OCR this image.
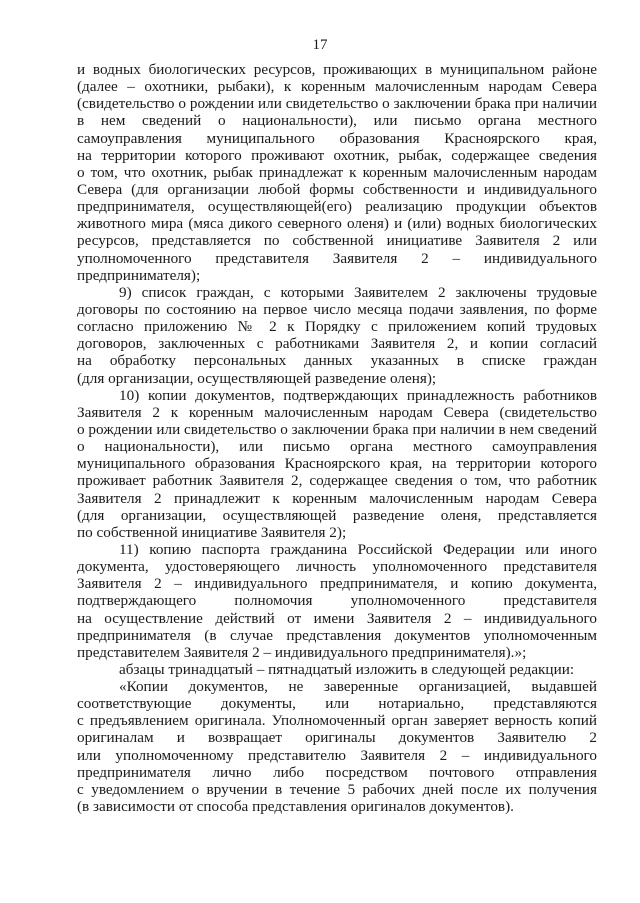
17
и водных биологических ресурсов, проживающих в муниципальном районе
(далее – охотники, рыбаки), к коренным малочисленным народам Севера
(свидетельство о рождении или свидетельство о заключении брака при наличии
в нем сведений о национальности), или письмо органа местного
самоуправления муниципального образования Красноярского края,
на территории которого проживают охотник, рыбак, содержащее сведения
о том, что охотник, рыбак принадлежат к коренным малочисленным народам
Севера (для организации любой формы собственности и индивидуального
предпринимателя, осуществляющей(его) реализацию продукции объектов
животного мира (мяса дикого северного оленя) и (или) водных биологических
ресурсов, представляется по собственной инициативе Заявителя 2 или
уполномоченного представителя Заявителя 2 – индивидуального
предпринимателя);
9) список граждан, с которыми Заявителем 2 заключены трудовые
договоры по состоянию на первое число месяца подачи заявления, по форме
согласно приложению № 2 к Порядку с приложением копий трудовых
договоров, заключенных с работниками Заявителя 2, и копии согласий
на обработку персональных данных указанных в списке граждан
(для организации, осуществляющей разведение оленя);
10) копии документов, подтверждающих принадлежность работников
Заявителя 2 к коренным малочисленным народам Севера (свидетельство
о рождении или свидетельство о заключении брака при наличии в нем сведений
о национальности), или письмо органа местного самоуправления
муниципального образования Красноярского края, на территории которого
проживает работник Заявителя 2, содержащее сведения о том, что работник
Заявителя 2 принадлежит к коренным малочисленным народам Севера
(для организации, осуществляющей разведение оленя, представляется
по собственной инициативе Заявителя 2);
11) копию паспорта гражданина Российской Федерации или иного
документа, удостоверяющего личность уполномоченного представителя
Заявителя 2 – индивидуального предпринимателя, и копию документа,
подтверждающего полномочия уполномоченного представителя
на осуществление действий от имени Заявителя 2 – индивидуального
предпринимателя (в случае представления документов уполномоченным
представителем Заявителя 2 – индивидуального предпринимателя).»;
абзацы тринадцатый – пятнадцатый изложить в следующей редакции:
«Копии документов, не заверенные организацией, выдавшей
соответствующие документы, или нотариально, представляются
с предъявлением оригинала. Уполномоченный орган заверяет верность копий
оригиналам и возвращает оригиналы документов Заявителю 2
или уполномоченному представителю Заявителя 2 – индивидуального
предпринимателя лично либо посредством почтового отправления
с уведомлением о вручении в течение 5 рабочих дней после их получения
(в зависимости от способа представления оригиналов документов).
